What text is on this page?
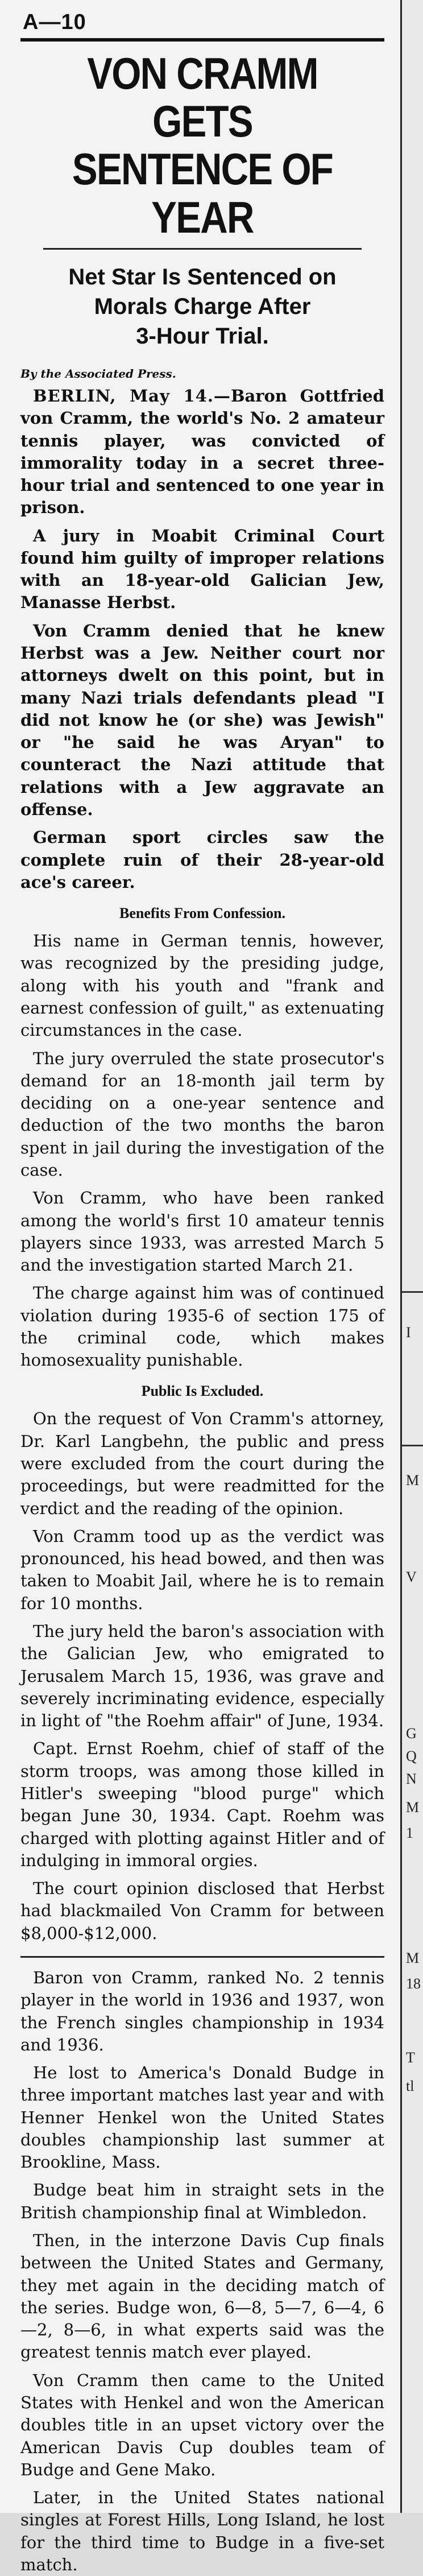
A—10
VON CRAMM GETS
SENTENCE OF YEAR
Net Star Is Sentenced on
Morals Charge After
3-Hour Trial.
By the Associated Press.

BERLIN, May 14.—Baron Gottfried von Cramm, the world's No. 2 amateur tennis player, was convicted of immorality today in a secret three-hour trial and sentenced to one year in prison.

A jury in Moabit Criminal Court found him guilty of improper relations with an 18-year-old Galician Jew, Manasse Herbst.

Von Cramm denied that he knew Herbst was a Jew. Neither court nor attorneys dwelt on this point, but in many Nazi trials defendants plead "I did not know he (or she) was Jewish" or "he said he was Aryan" to counteract the Nazi attitude that relations with a Jew aggravate an offense.

German sport circles saw the complete ruin of their 28-year-old ace's career.

Benefits From Confession.

His name in German tennis, however, was recognized by the presiding judge, along with his youth and "frank and earnest confession of guilt," as extenuating circumstances in the case.

The jury overruled the state prosecutor's demand for an 18-month jail term by deciding on a one-year sentence and deduction of the two months the baron spent in jail during the investigation of the case.

Von Cramm, who have been ranked among the world's first 10 amateur tennis players since 1933, was arrested March 5 and the investigation started March 21.

The charge against him was of continued violation during 1935-6 of section 175 of the criminal code, which makes homosexuality punishable.

Public Is Excluded.

On the request of Von Cramm's attorney, Dr. Karl Langbehn, the public and press were excluded from the court during the proceedings, but were readmitted for the verdict and the reading of the opinion.

Von Cramm tood up as the verdict was pronounced, his head bowed, and then was taken to Moabit Jail, where he is to remain for 10 months.

The jury held the baron's association with the Galician Jew, who emigrated to Jerusalem March 15, 1936, was grave and severely incriminating evidence, especially in light of "the Roehm affair" of June, 1934.

Capt. Ernst Roehm, chief of staff of the storm troops, was among those killed in Hitler's sweeping "blood purge" which began June 30, 1934. Capt. Roehm was charged with plotting against Hitler and of indulging in immoral orgies.

The court opinion disclosed that Herbst had blackmailed Von Cramm for between $8,000-$12,000.

Baron von Cramm, ranked No. 2 tennis player in the world in 1936 and 1937, won the French singles championship in 1934 and 1936.

He lost to America's Donald Budge in three important matches last year and with Henner Henkel won the United States doubles championship last summer at Brookline, Mass.

Budge beat him in straight sets in the British championship final at Wimbledon.

Then, in the interzone Davis Cup finals between the United States and Germany, they met again in the deciding match of the series. Budge won, 6—8, 5—7, 6—4, 6—2, 8—6, in what experts said was the greatest tennis match ever played.

Von Cramm then came to the United States with Henkel and won the American doubles title in an upset victory over the American Davis Cup doubles team of Budge and Gene Mako.

Later, in the United States national singles at Forest Hills, Long Island, he lost for the third time to Budge in a five-set match.

I
M
V
G
Q
N
M
1
M
18
T
tl
